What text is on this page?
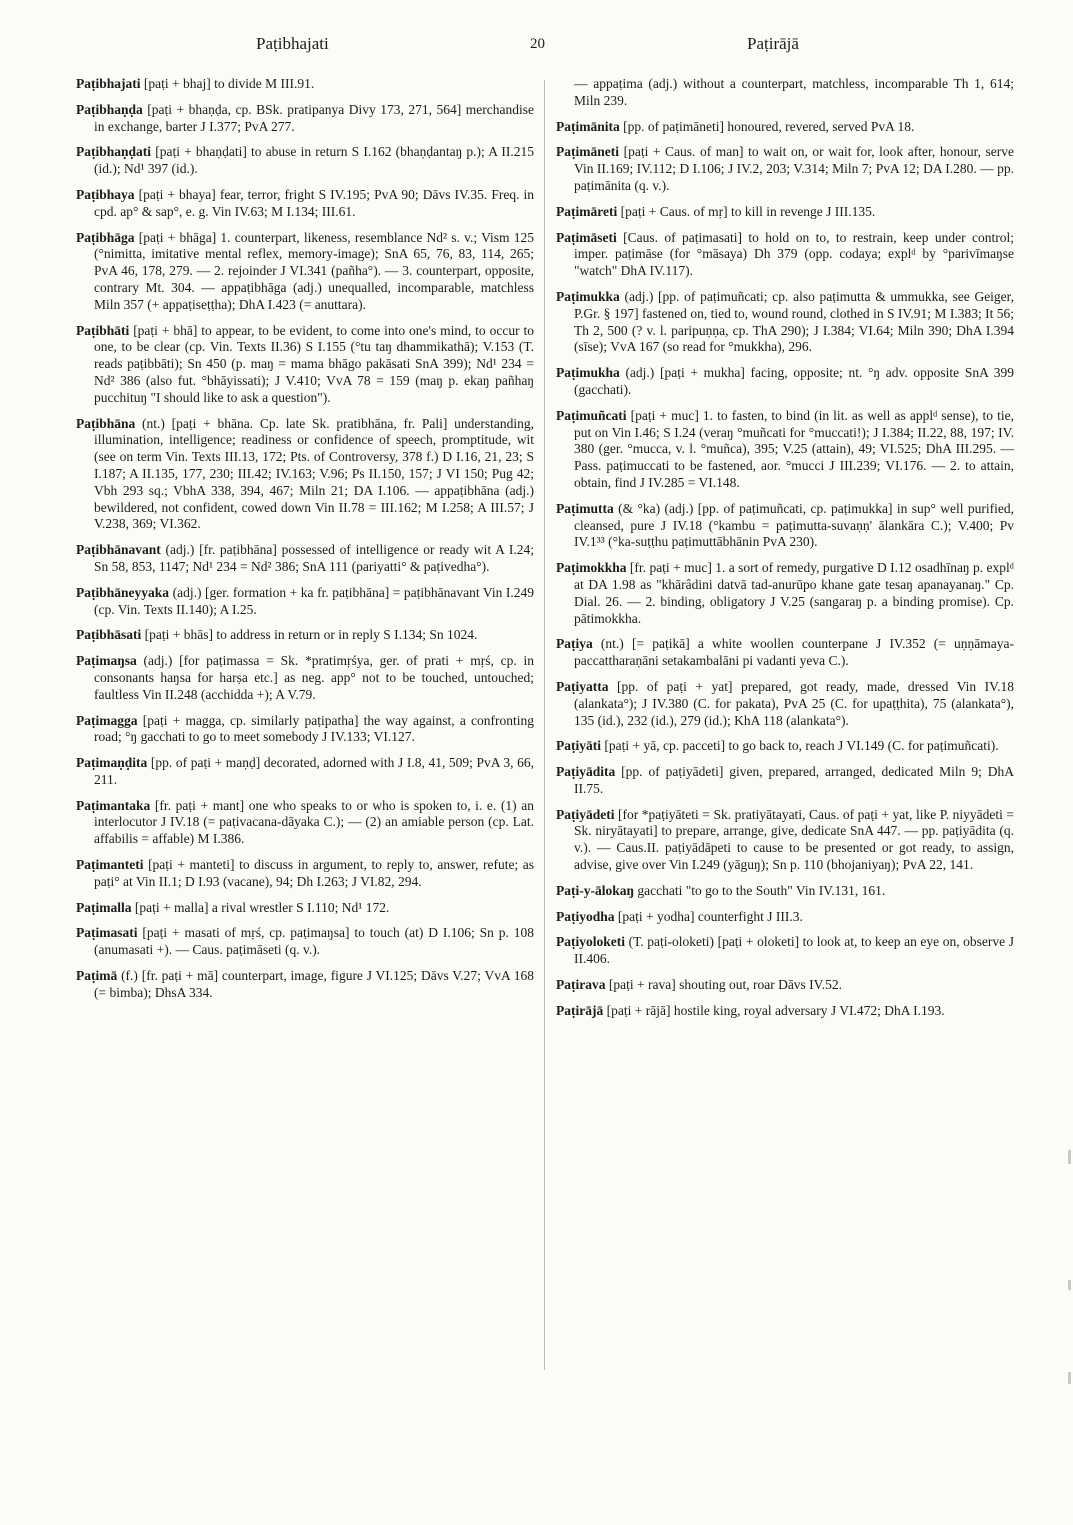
Paṭibhajati	20	Paṭirājā

Paṭibhajati [paṭi + bhaj] to divide M III.91.

Paṭibhaṇḍa [paṭi + bhaṇḍa, cp. BSk. pratipanya Divy 173, 271, 564] merchandise in exchange, barter J I.377; PvA 277.

Paṭibhaṇḍati [paṭi + bhaṇḍati] to abuse in return S I.162 (bhaṇḍantaŋ p.); A II.215 (id.); Nd¹ 397 (id.).

Paṭibhaya [paṭi + bhaya] fear, terror, fright S IV.195; PvA 90; Dāvs IV.35. Freq. in cpd. ap° & sap°, e. g. Vin IV.63; M I.134; III.61.

Paṭibhāga [paṭi + bhāga] 1. counterpart, likeness, resemblance Nd² s. v.; Vism 125 (°nimitta, imitative mental reflex, memory-image); SnA 65, 76, 83, 114, 265; PvA 46, 178, 279. — 2. rejoinder J VI.341 (pañha°). — 3. counterpart, opposite, contrary Mt. 304. — appaṭibhāga (adj.) unequalled, incomparable, matchless Miln 357 (+ appaṭiseṭṭha); DhA I.423 (= anuttara).

Paṭibhāti [paṭi + bhā] to appear, to be evident, to come into one's mind, to occur to one, to be clear (cp. Vin. Texts II.36) S I.155 (°tu taŋ dhammikathā); V.153 (T. reads paṭibbāti); Sn 450 (p. maŋ = mama bhāgo pakāsati SnA 399); Nd¹ 234 = Nd² 386 (also fut. °bhāyissati); J V.410; VvA 78 = 159 (maŋ p. ekaŋ pañhaŋ pucchituŋ "I should like to ask a question").

Paṭibhāna (nt.) [paṭi + bhāna. Cp. late Sk. pratibhāna, fr. Pali] understanding, illumination, intelligence; readiness or confidence of speech, promptitude, wit (see on term Vin. Texts III.13, 172; Pts. of Controversy, 378 f.) D I.16, 21, 23; S I.187; A II.135, 177, 230; III.42; IV.163; V.96; Ps II.150, 157; J VI 150; Pug 42; Vbh 293 sq.; VbhA 338, 394, 467; Miln 21; DA I.106. — appaṭibhāna (adj.) bewildered, not confident, cowed down Vin II.78 = III.162; M I.258; A III.57; J V.238, 369; VI.362.

Paṭibhānavant (adj.) [fr. paṭibhāna] possessed of intelligence or ready wit A I.24; Sn 58, 853, 1147; Nd¹ 234 = Nd² 386; SnA 111 (pariyatti° & paṭivedha°).

Paṭibhāneyyaka (adj.) [ger. formation + ka fr. paṭibhāna] = paṭibhānavant Vin I.249 (cp. Vin. Texts II.140); A I.25.

Paṭibhāsati [paṭi + bhās] to address in return or in reply S I.134; Sn 1024.

Paṭimaŋsa (adj.) [for paṭimassa = Sk. *pratimṛśya, ger. of prati + mṛś, cp. in consonants haŋsa for harṣa etc.] as neg. app° not to be touched, untouched; faultless Vin II.248 (acchidda +); A V.79.

Paṭimagga [paṭi + magga, cp. similarly paṭipatha] the way against, a confronting road; °ŋ gacchati to go to meet somebody J IV.133; VI.127.

Paṭimaṇḍita [pp. of paṭi + maṇḍ] decorated, adorned with J I.8, 41, 509; PvA 3, 66, 211.

Paṭimantaka [fr. paṭi + mant] one who speaks to or who is spoken to, i. e. (1) an interlocutor J IV.18 (= paṭivacana-dāyaka C.); — (2) an amiable person (cp. Lat. affabilis = affable) M I.386.

Paṭimanteti [paṭi + manteti] to discuss in argument, to reply to, answer, refute; as paṭi° at Vin II.1; D I.93 (vacane), 94; Dh I.263; J VI.82, 294.

Paṭimalla [paṭi + malla] a rival wrestler S I.110; Nd¹ 172.

Paṭimasati [paṭi + masati of mṛś, cp. paṭimaŋsa] to touch (at) D I.106; Sn p. 108 (anumasati +). — Caus. paṭimāseti (q. v.).

Paṭimā (f.) [fr. paṭi + mā] counterpart, image, figure J VI.125; Dāvs V.27; VvA 168 (= bimba); DhsA 334.

— appaṭima (adj.) without a counterpart, matchless, incomparable Th 1, 614; Miln 239.

Paṭimānita [pp. of paṭimāneti] honoured, revered, served PvA 18.

Paṭimāneti [paṭi + Caus. of man] to wait on, or wait for, look after, honour, serve Vin II.169; IV.112; D I.106; J IV.2, 203; V.314; Miln 7; PvA 12; DA I.280. — pp. paṭimānita (q. v.).

Paṭimāreti [paṭi + Caus. of mṛ] to kill in revenge J III.135.

Paṭimāseti [Caus. of paṭimasati] to hold on to, to restrain, keep under control; imper. paṭimāse (for °māsaya) Dh 379 (opp. codaya; explᵈ by °parivīmaŋse "watch" DhA IV.117).

Paṭimukka (adj.) [pp. of paṭimuñcati; cp. also paṭimutta & ummukka, see Geiger, P.Gr. § 197] fastened on, tied to, wound round, clothed in S IV.91; M I.383; It 56; Th 2, 500 (? v. l. paripuṇṇa, cp. ThA 290); J I.384; VI.64; Miln 390; DhA I.394 (sīse); VvA 167 (so read for °mukkha), 296.

Paṭimukha (adj.) [paṭi + mukha] facing, opposite; nt. °ŋ adv. opposite SnA 399 (gacchati).

Paṭimuñcati [paṭi + muc] 1. to fasten, to bind (in lit. as well as applᵈ sense), to tie, put on Vin I.46; S I.24 (veraŋ °muñcati for °muccati!); J I.384; II.22, 88, 197; IV. 380 (ger. °mucca, v. l. °muñca), 395; V.25 (attain), 49; VI.525; DhA III.295. — Pass. paṭimuccati to be fastened, aor. °mucci J III.239; VI.176. — 2. to attain, obtain, find J IV.285 = VI.148.

Paṭimutta (& °ka) (adj.) [pp. of paṭimuñcati, cp. paṭimukka] in sup° well purified, cleansed, pure J IV.18 (°kambu = paṭimutta-suvaṇṇ' ālankāra C.); V.400; Pv IV.1³³ (°ka-suṭṭhu paṭimuttābhānin PvA 230).

Paṭimokkha [fr. paṭi + muc] 1. a sort of remedy, purgative D I.12 osadhīnaŋ p. explᵈ at DA 1.98 as "khārâdini datvā tad-anurūpo khane gate tesaŋ apanayanaŋ." Cp. Dial. 26. — 2. binding, obligatory J V.25 (sangaraŋ p. a binding promise). Cp. pātimokkha.

Paṭiya (nt.) [= paṭikā] a white woollen counterpane J IV.352 (= uṇṇāmaya-paccattharaṇāni setakambalāni pi vadanti yeva C.).

Paṭiyatta [pp. of paṭi + yat] prepared, got ready, made, dressed Vin IV.18 (alankata°); J IV.380 (C. for pakata), PvA 25 (C. for upaṭṭhita), 75 (alankata°), 135 (id.), 232 (id.), 279 (id.); KhA 118 (alankata°).

Paṭiyāti [paṭi + yā, cp. pacceti] to go back to, reach J VI.149 (C. for paṭimuñcati).

Paṭiyādita [pp. of paṭiyādeti] given, prepared, arranged, dedicated Miln 9; DhA II.75.

Paṭiyādeti [for *paṭiyāteti = Sk. pratiyātayati, Caus. of paṭi + yat, like P. niyyādeti = Sk. niryātayati] to prepare, arrange, give, dedicate SnA 447. — pp. paṭiyādita (q. v.). — Caus.II. paṭiyādāpeti to cause to be presented or got ready, to assign, advise, give over Vin I.249 (yāguŋ); Sn p. 110 (bhojaniyaŋ); PvA 22, 141.

Paṭi-y-ālokaŋ gacchati "to go to the South" Vin IV.131, 161.

Paṭiyodha [paṭi + yodha] counterfight J III.3.

Paṭiyoloketi (T. paṭi-oloketi) [paṭi + oloketi] to look at, to keep an eye on, observe J II.406.

Paṭirava [paṭi + rava] shouting out, roar Dāvs IV.52.

Paṭirājā [paṭi + rājā] hostile king, royal adversary J VI.472; DhA I.193.
